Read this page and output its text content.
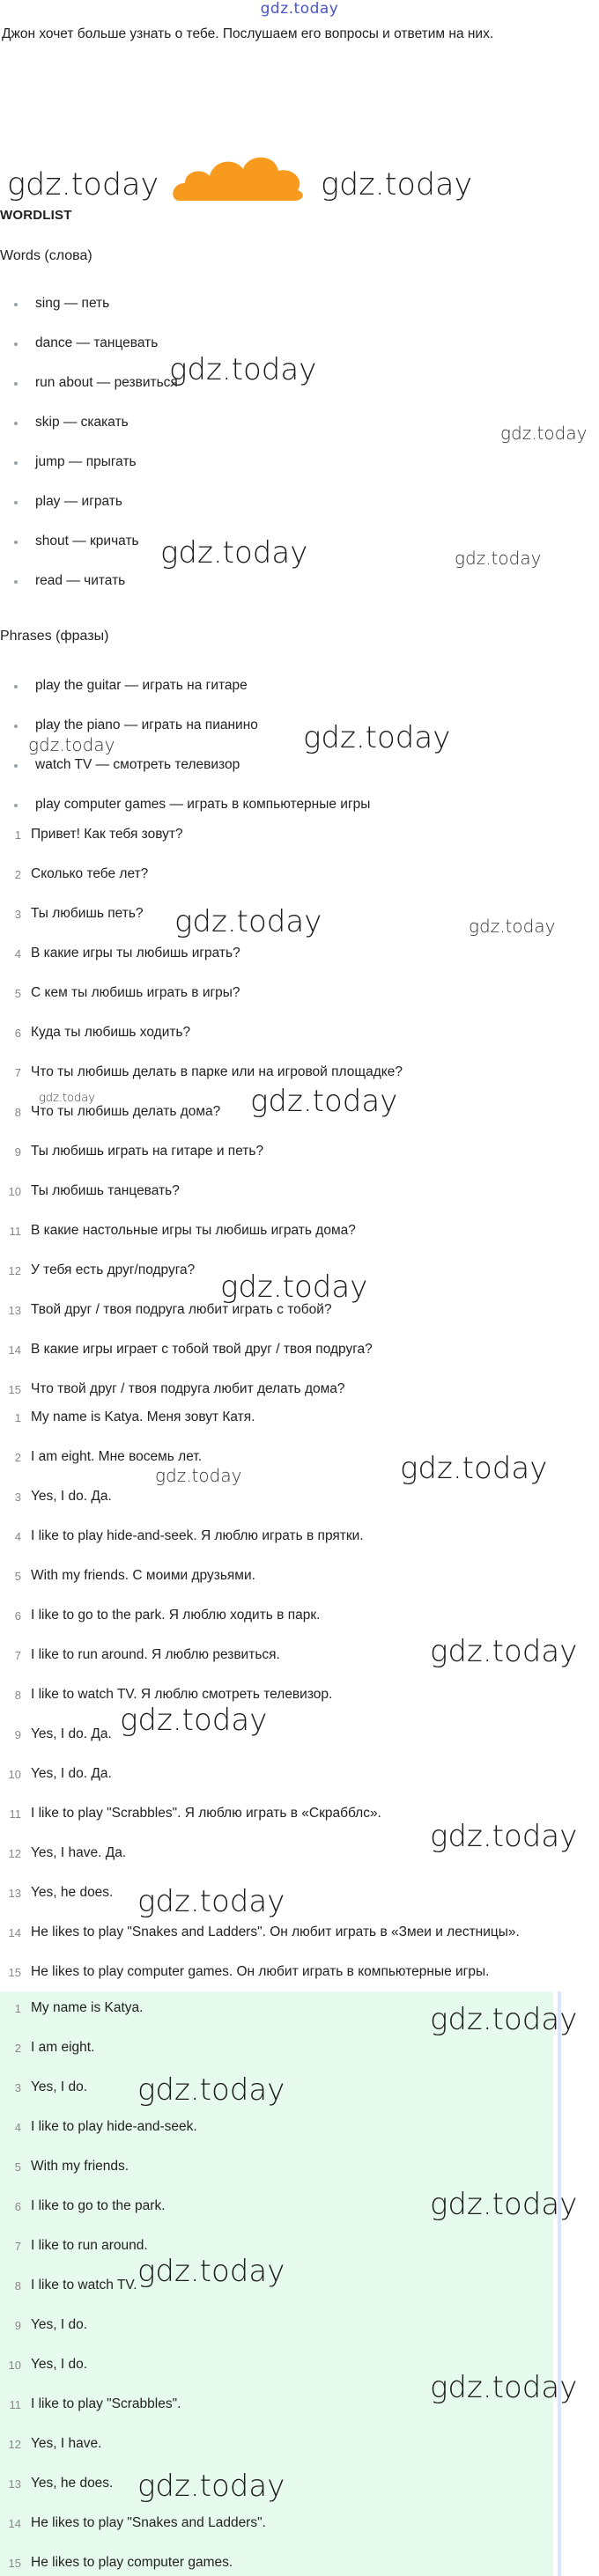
gdz.today
Джон хочет больше узнать о тебе. Послушаем его вопросы и ответим на них.
gdz.today	gdz.today
WORDLIST
Words (слова)
sing — петь
dance — танцевать
run about — резвиться
skip — скакать
jump — прыгать
play — играть
shout — кричать
read — читать
Phrases (фразы)
play the guitar — играть на гитаре
play the piano — играть на пианино
watch TV — смотреть телевизор
play computer games — играть в компьютерные игры
1 Привет! Как тебя зовут?
2 Сколько тебе лет?
3 Ты любишь петь?
4 В какие игры ты любишь играть?
5 С кем ты любишь играть в игры?
6 Куда ты любишь ходить?
7 Что ты любишь делать в парке или на игровой площадке?
8 Что ты любишь делать дома?
9 Ты любишь играть на гитаре и петь?
10 Ты любишь танцевать?
11 В какие настольные игры ты любишь играть дома?
12 У тебя есть друг/подруга?
13 Твой друг / твоя подруга любит играть с тобой?
14 В какие игры играет с тобой твой друг / твоя подруга?
15 Что твой друг / твоя подруга любит делать дома?
1 My name is Katya. Меня зовут Катя.
2 I am eight. Мне восемь лет.
3 Yes, I do. Да.
4 I like to play hide-and-seek. Я люблю играть в прятки.
5 With my friends. С моими друзьями.
6 I like to go to the park. Я люблю ходить в парк.
7 I like to run around. Я люблю резвиться.
8 I like to watch TV. Я люблю смотреть телевизор.
9 Yes, I do. Да.
10 Yes, I do. Да.
11 I like to play "Scrabbles". Я люблю играть в «Скрабблс».
12 Yes, I have. Да.
13 Yes, he does.
14 He likes to play "Snakes and Ladders". Он любит играть в «Змеи и лестницы».
15 He likes to play computer games. Он любит играть в компьютерные игры.
1 My name is Katya.
2 I am eight.
3 Yes, I do.
4 I like to play hide-and-seek.
5 With my friends.
6 I like to go to the park.
7 I like to run around.
8 I like to watch TV.
9 Yes, I do.
10 Yes, I do.
11 I like to play "Scrabbles".
12 Yes, I have.
13 Yes, he does.
14 He likes to play "Snakes and Ladders".
15 He likes to play computer games.
gdz.today
gdz.today
gdz.today	gdz.today
gdz.today
gdz.today
gdz.today	gdz.today
gdz.today
gdz.today
gdz.today
gdz.today
gdz.today
gdz.today
gdz.today
gdz.today
gdz.today
gdz.today
gdz.today
gdz.today
gdz.today
gdz.today
gdz.today
